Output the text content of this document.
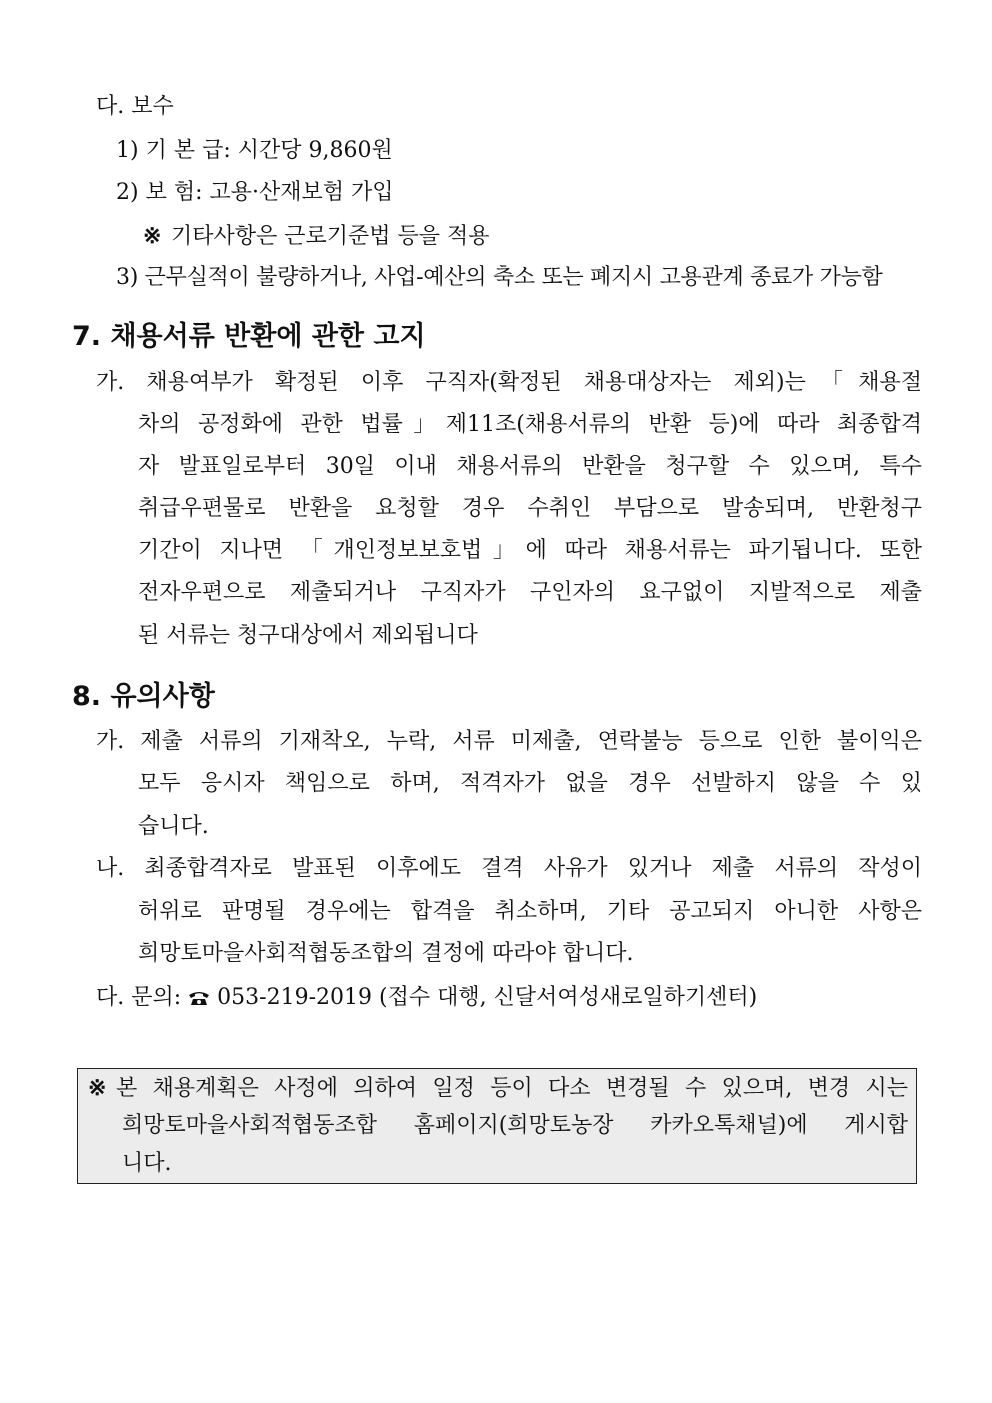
다. 보수
1) 기 본 급: 시간당 9,860원
2) 보 험: 고용·산재보험 가입
※ 기타사항은 근로기준법 등을 적용
3) 근무실적이 불량하거나, 사업-예산의 축소 또는 폐지시 고용관계 종료가 가능함
7. 채용서류 반환에 관한 고지
가. 채용여부가 확정된 이후 구직자(확정된 채용대상자는 제외)는「채용절
차의 공정화에 관한 법률」제11조(채용서류의 반환 등)에 따라 최종합격
자 발표일로부터 30일 이내 채용서류의 반환을 청구할 수 있으며, 특수
취급우편물로 반환을 요청할 경우 수취인 부담으로 발송되며, 반환청구
기간이 지나면 「개인정보보호법」에 따라 채용서류는 파기됩니다. 또한
전자우편으로 제출되거나 구직자가 구인자의 요구없이 지발적으로 제출
된 서류는 청구대상에서 제외됩니다
8. 유의사항
가. 제출 서류의 기재착오, 누락, 서류 미제출, 연락불능 등으로 인한 불이익은
모두 응시자 책임으로 하며, 적격자가 없을 경우 선발하지 않을 수 있
습니다.
나. 최종합격자로 발표된 이후에도 결격 사유가 있거나 제출 서류의 작성이
허위로 판명될 경우에는 합격을 취소하며, 기타 공고되지 아니한 사항은
희망토마을사회적협동조합의 결정에 따라야 합니다.
다. 문의: 053-219-2019 (접수 대행, 신달서여성새로일하기센터)
※ 본 채용계획은 사정에 의하여 일정 등이 다소 변경될 수 있으며, 변경 시는
희망토마을사회적협동조합 홈페이지(희망토농장 카카오톡채널)에 게시합
니다.
